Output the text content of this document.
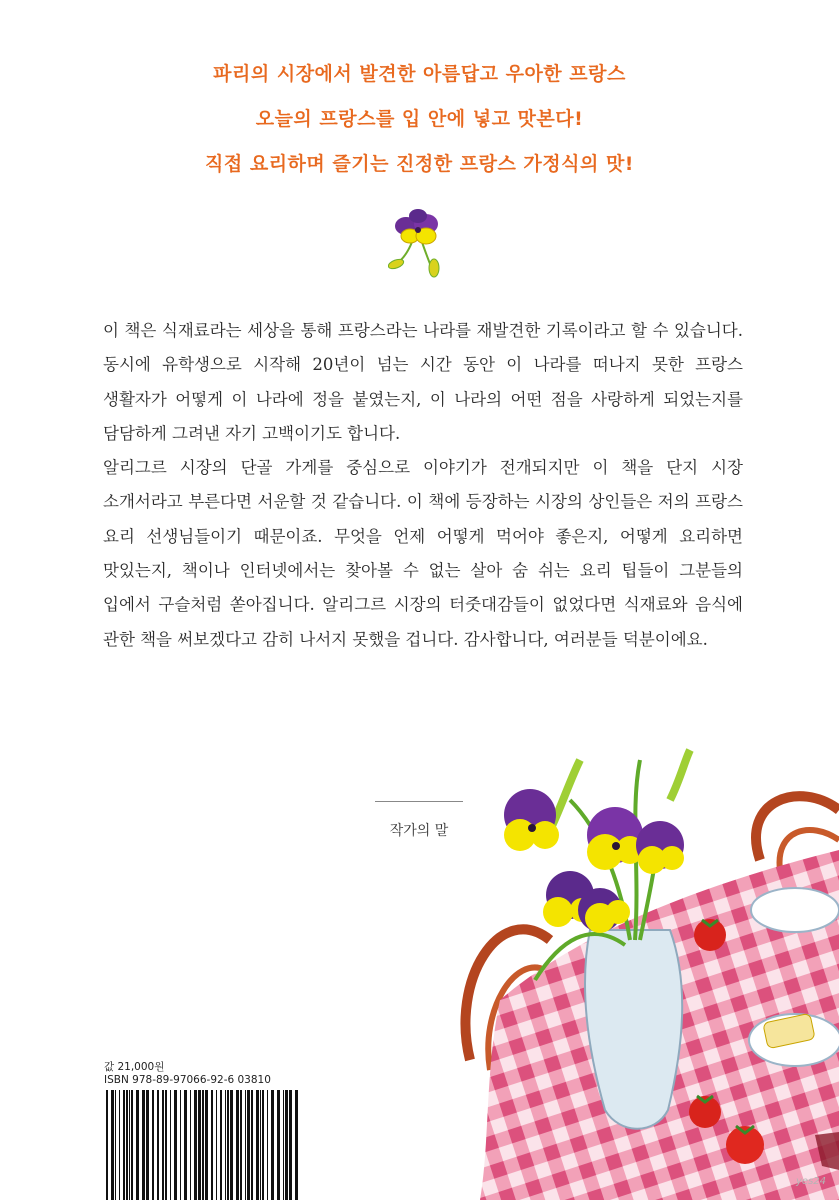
파리의 시장에서 발견한 아름답고 우아한 프랑스

오늘의 프랑스를 입 안에 넣고 맛본다!

직접 요리하며 즐기는 진정한 프랑스 가정식의 맛!

이 책은 식재료라는 세상을 통해 프랑스라는 나라를 재발견한 기록이라고 할 수 있습니다. 동시에 유학생으로 시작해 20년이 넘는 시간 동안 이 나라를 떠나지 못한 프랑스 생활자가 어떻게 이 나라에 정을 붙였는지, 이 나라의 어떤 점을 사랑하게 되었는지를 담담하게 그려낸 자기 고백이기도 합니다.

알리그르 시장의 단골 가게를 중심으로 이야기가 전개되지만 이 책을 단지 시장 소개서라고 부른다면 서운할 것 같습니다. 이 책에 등장하는 시장의 상인들은 저의 프랑스 요리 선생님들이기 때문이죠. 무엇을 언제 어떻게 먹어야 좋은지, 어떻게 요리하면 맛있는지, 책이나 인터넷에서는 찾아볼 수 없는 살아 숨 쉬는 요리 팁들이 그분들의 입에서 구슬처럼 쏟아집니다. 알리그르 시장의 터줏대감들이 없었다면 식재료와 음식에 관한 책을 써보겠다고 감히 나서지 못했을 겁니다. 감사합니다, 여러분들 덕분이에요.

작가의 말
값 21,000원
ISBN 978-89-97066-92-6 03810
yes24
